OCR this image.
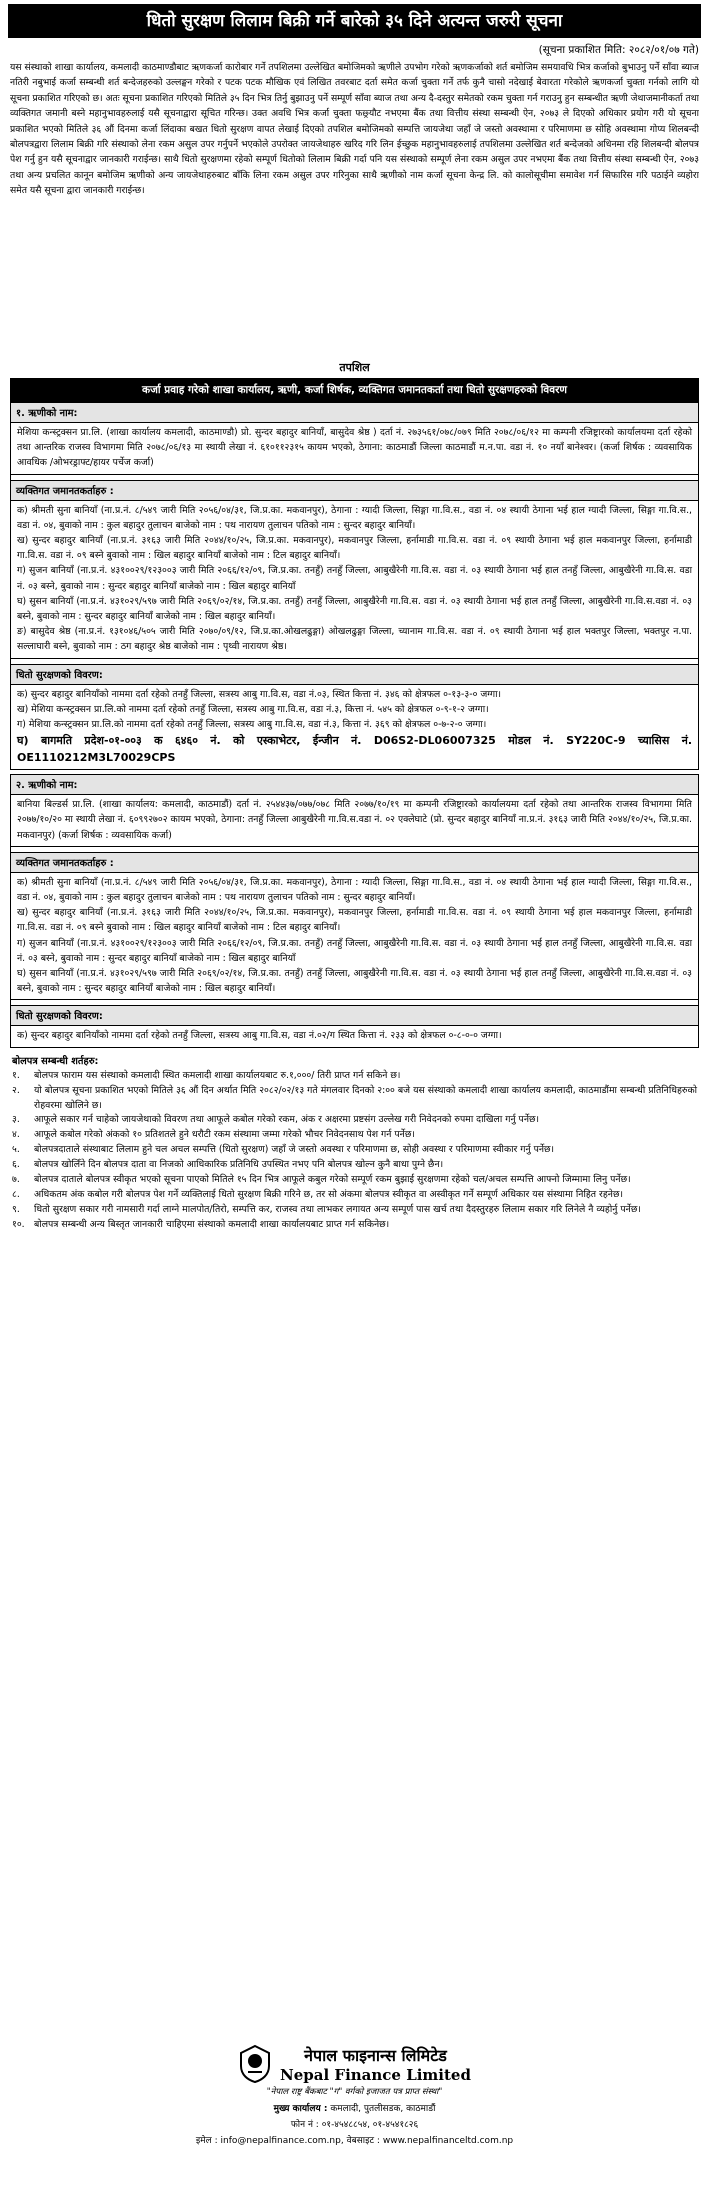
धितो सुरक्षण लिलाम बिक्री गर्ने बारेको ३५ दिने अत्यन्त जरुरी सूचना
(सूचना प्रकाशित मिति: २०८२/०१/०७ गते)
यस संस्थाको शाखा कार्यालय, कमलादी काठमाण्डौबाट ऋणकर्जा कारोबार गर्ने तपशिलमा उल्लेखित बमोजिमको ऋणीले उपभोग गरेको ऋणकर्जाको शर्त बमोजिम समयावधि भित्र कर्जाको बुभाउनु पर्ने साँवा ब्याज नतिरी नबुभाई कर्जा सम्बन्धी शर्त बन्देजहरुको उल्लङ्घन गरेको र पटक पटक मौखिक एवं लिखित तवरबाट दर्ता समेत कर्जा चुक्ता गर्ने तर्फ कुनै चासो नदेखाई बेवारता गरेकोले ऋणकर्जा चुक्ता गर्नको लागि यो सूचना प्रकाशित गरिएको छ। अतः सूचना प्रकाशित गरिएको मितिले ३५ दिन भित्र तिर्नु बुझाउनु पर्ने सम्पूर्ण साँवा ब्याज तथा अन्य दै-दस्तुर समेतको रकम चुक्ता गर्न गराउनु हुन सम्बन्धीत ऋणी जेथाजमानीकर्ता तथा व्यक्तिगत जमानी बस्ने महानुभावहरुलाई यसै सूचनाद्वारा सूचित गरिन्छ। उक्त अवधि भित्र कर्जा चुक्ता फछ्र्यौट नभएमा बैंक तथा वित्तीय संस्था सम्बन्धी ऐन, २०७३ ले दिएको अधिकार प्रयोग गरी यो सूचना प्रकाशित भएको मितिले ३६ औं दिनमा कर्जा लिंदाका बखत धितो सुरक्षण वापत लेखाई दिएको तपशिल बमोजिमको सम्पत्ति जायजेथा जहाँ जे जस्तो अवस्थामा र परिमाणमा छ सोहि अवस्थामा गोप्य शिलबन्दी बोलपत्रद्वारा लिलाम बिक्री गरि संस्थाको लेना रकम असुल उपर गर्नुपर्ने भएकोले उपरोक्त जायजेथाहरु खरिद गरि लिन ईच्छुक महानुभावहरुलाई तपशिलमा उल्लेखित शर्त बन्देजको अधिनमा रहि शिलबन्दी बोलपत्र पेश गर्नु हुन यसै सूचनाद्वार जानकारी गराईन्छ। साथै धितो सुरक्षणमा रहेको सम्पूर्ण धितोको लिलाम बिक्री गर्दा पनि यस संस्थाको सम्पूर्ण लेना रकम असुल उपर नभएमा बैंक तथा वित्तीय संस्था सम्बन्धी ऐन, २०७३ तथा अन्य प्रचलित कानून बमोजिम ऋणीको अन्य जायजेथाहरुबाट बाँकि लिना रकम असुल उपर गरिनुका साथै ऋणीको नाम कर्जा सूचना केन्द्र लि. को कालोसूचीमा समावेश गर्न सिफारिस गरि पठाईने व्यहोरा समेत यसै सूचना द्वारा जानकारी गराईन्छ।
तपशिल
कर्जा प्रवाह गरेको शाखा कार्यालय, ऋणी, कर्जा शिर्षक, व्यक्तिगत जमानतकर्ता तथा धितो सुरक्षणहरुको विवरण
१. ऋणीको नाम:
मेशिया कन्स्ट्रक्सन प्रा.लि. (शाखा कार्यालय कमलादी, काठमाण्डौ) प्रो. सुन्दर बहादुर बानियाँ, बासुदेव श्रेष्ठ ) दर्ता नं. २७३५६१/०७८/०७९ मिति २०७८/०६/१२ मा कम्पनी रजिष्ट्रारको कार्यालयमा दर्ता रहेको तथा आन्तरिक राजस्व विभागमा मिति २०७८/०६/१३ मा स्थायी लेखा नं. ६१०११२३१५ कायम भएको, ठेगाना: काठमाडौं जिल्ला काठमाडौं म.न.पा. वडा नं. १० नयाँ बानेश्वर। (कर्जा शिर्षक : व्यवसायिक आवधिक /ओभरड्राफ्ट/हायर पर्चेज कर्जा)
व्यक्तिगत जमानतकर्ताहरु :
क) श्रीमती सुना बानियाँ (ना.प्र.नं. ८/५४९ जारी मिति २०५६/०४/३१, जि.प्र.का. मकवानपुर), ठेगाना : ग्यादी जिल्ला, सिङ्गा गा.वि.स., वडा नं. ०४ स्थायी ठेगाना भई हाल ग्यादी जिल्ला, सिङ्गा गा.वि.स., वडा नं. ०४, बुवाको नाम : कुल बहादुर तुलाचन बाजेको नाम : पथ नारायण तुलाचन पतिको नाम : सुन्दर बहादुर बानियाँ।
ख) सुन्दर बहादुर बानियाँ (ना.प्र.नं. ३१६३ जारी मिति २०४४/१०/२५, जि.प्र.का. मकवानपुर), मकवानपुर जिल्ला, हर्नामाडी गा.वि.स. वडा नं. ०९ स्थायी ठेगाना भई हाल मकवानपुर जिल्ला, हर्नामाडी गा.वि.स. वडा नं. ०९ बस्ने बुवाको नाम : खिल बहादुर बानियाँ बाजेको नाम : टिल बहादुर बानियाँ।
ग) सुजन बानियाँ (ना.प्र.नं. ४३१००२९/१२३००३ जारी मिति २०६६/१२/०९, जि.प्र.का. तनहुँ) तनहुँ जिल्ला, आबुखैरेनी गा.वि.स. वडा नं. ०३ स्थायी ठेगाना भई हाल तनहुँ जिल्ला, आबुखैरेनी गा.वि.स. वडा नं. ०३ बस्ने, बुवाको नाम : सुन्दर बहादुर बानियाँ बाजेको नाम : खिल बहादुर बानियाँ
घ) सुसन बानियाँ (ना.प्र.नं. ४३१०२९/५९७ जारी मिति २०६९/०२/१४, जि.प्र.का. तनहुँ) तनहुँ जिल्ला, आबुखैरेनी गा.वि.स. वडा नं. ०३ स्थायी ठेगाना भई हाल तनहुँ जिल्ला, आबुखैरेनी गा.वि.स.वडा नं. ०३ बस्ने, बुवाको नाम : सुन्दर बहादुर बानियाँ बाजेको नाम : खिल बहादुर बानियाँ।
ङ) बासुदेव श्रेष्ठ (ना.प्र.नं. १३१०४६/५०५ जारी मिति २०७०/०९/१२, जि.प्र.का.ओखलढुङ्गा) ओखलढुङ्गा जिल्ला, च्यानाम गा.वि.स. वडा नं. ०९ स्थायी ठेगाना भई हाल भक्तपुर जिल्ला, भक्तपुर न.पा. सल्लाघारी बस्ने, बुवाको नाम : ठग बहादुर श्रेष्ठ बाजेको नाम : पृथ्वी नारायण श्रेष्ठ।
धितो सुरक्षणको विवरण:
क) सुन्दर बहादुर बानियाँको नाममा दर्ता रहेको तनहुँ जिल्ला, सत्रस्य आबु गा.वि.स, वडा नं.०३, स्थित कित्ता नं. ३४६ को क्षेत्रफल ०-१३-३-० जग्गा।
ख) मेशिया कन्स्ट्रक्सन प्रा.लि.को नाममा दर्ता रहेको तनहुँ जिल्ला, सत्रस्य आबु गा.वि.स, वडा नं.३, कित्ता नं. ५४५ को क्षेत्रफल ०-९-१-२ जग्गा।
ग) मेशिया कन्स्ट्रक्सन प्रा.लि.को नाममा दर्ता रहेको तनहुँ जिल्ला, सत्रस्य आबु गा.वि.स, वडा नं.३, कित्ता नं. ३६९ को क्षेत्रफल ०-७-२-० जग्गा।
घ) बागमति प्रदेश-०१-००३ क ६४६० नं. को एस्काभेटर, ईन्जीन नं. D06S2-DL06007325 मोडल नं. SY220C-9 च्यासिस नं. OE1110212M3L70029CPS
२. ऋणीको नाम:
बानिया बिल्डर्स प्रा.लि. (शाखा कार्यालय: कमलादी, काठमाडौं) दर्ता नं. २५४४३७/०७७/०७८ मिति २०७७/१०/१९ मा कम्पनी रजिष्ट्रारको कार्यालयमा दर्ता रहेको तथा आन्तरिक राजस्व विभागमा मिति २०७७/१०/२० मा स्थायी लेखा नं. ६०९९२७०२ कायम भएको, ठेगाना: तनहुँ जिल्ला आबुखैरेनी गा.वि.स.वडा नं. ०२ एक्लेघाटे (प्रो. सुन्दर बहादुर बानियाँ ना.प्र.नं. ३१६३ जारी मिति २०४४/१०/२५, जि.प्र.का. मकवानपुर) (कर्जा शिर्षक : व्यवसायिक कर्जा)
व्यक्तिगत जमानतकर्ताहरु :
क) श्रीमती सुना बानियाँ (ना.प्र.नं. ८/५४९ जारी मिति २०५६/०४/३१, जि.प्र.का. मकवानपुर), ठेगाना : ग्यादी जिल्ला, सिङ्गा गा.वि.स., वडा नं. ०४ स्थायी ठेगाना भई हाल ग्यादी जिल्ला, सिङ्गा गा.वि.स., वडा नं. ०४, बुवाको नाम : कुल बहादुर तुलाचन बाजेको नाम : पथ नारायण तुलाचन पतिको नाम : सुन्दर बहादुर बानियाँ।
ख) सुन्दर बहादुर बानियाँ (ना.प्र.नं. ३१६३ जारी मिति २०४४/१०/२५, जि.प्र.का. मकवानपुर), मकवानपुर जिल्ला, हर्नामाडी गा.वि.स. वडा नं. ०९ स्थायी ठेगाना भई हाल मकवानपुर जिल्ला, हर्नामाडी गा.वि.स. वडा नं. ०९ बस्ने बुवाको नाम : खिल बहादुर बानियाँ बाजेको नाम : टिल बहादुर बानियाँ।
ग) सुजन बानियाँ (ना.प्र.नं. ४३१००२९/१२३००३ जारी मिति २०६६/१२/०९, जि.प्र.का. तनहुँ) तनहुँ जिल्ला, आबुखैरेनी गा.वि.स. वडा नं. ०३ स्थायी ठेगाना भई हाल तनहुँ जिल्ला, आबुखैरेनी गा.वि.स. वडा नं. ०३ बस्ने, बुवाको नाम : सुन्दर बहादुर बानियाँ बाजेको नाम : खिल बहादुर बानियाँ
घ) सुसन बानियाँ (ना.प्र.नं. ४३१०२९/५९७ जारी मिति २०६९/०२/१४, जि.प्र.का. तनहुँ) तनहुँ जिल्ला, आबुखैरेनी गा.वि.स. वडा नं. ०३ स्थायी ठेगाना भई हाल तनहुँ जिल्ला, आबुखैरेनी गा.वि.स.वडा नं. ०३ बस्ने, बुवाको नाम : सुन्दर बहादुर बानियाँ बाजेको नाम : खिल बहादुर बानियाँ।
धितो सुरक्षणको विवरण:
क) सुन्दर बहादुर बानियाँको नाममा दर्ता रहेको तनहुँ जिल्ला, सत्रस्य आबु गा.वि.स, वडा नं.०२/ग स्थित कित्ता नं. २३३ को क्षेत्रफल ०-८-०-० जग्गा।
बोलपत्र सम्बन्धी शर्तहरु:
१.	बोलपत्र फाराम यस संस्थाको कमलादी स्थित कमलादी शाखा कार्यालयबाट रु.१,०००/ तिरी प्राप्त गर्न सकिने छ।
२.	यो बोलपत्र सूचना प्रकाशित भएको मितिले ३६ औं दिन अर्थात मिति २०८२/०२/१३ गते मंगलवार दिनको २:०० बजे यस संस्थाको कमलादी शाखा कार्यालय कमलादी, काठमाडौंमा सम्बन्धी प्रतिनिधिहरुको रोहवरमा खोलिने छ।
३.	आफूले सकार गर्न चाहेको जायजेथाको विवरण तथा आफूले कबोल गरेको रकम, अंक र अक्षरमा प्रष्टसंग उल्लेख गरी निवेदनको रुपमा दाखिला गर्नु पर्नेछ।
४.	आफूले कबोल गरेको अंकको १० प्रतिशतले हुने धरौटी रकम संस्थामा जम्मा गरेको भौचर निवेदनसाथ पेश गर्न पर्नेछ।
५.	बोलपत्रदाताले संस्थाबाट लिलाम हुने चल अचल सम्पत्ति (धितो सुरक्षण) जहाँ जे जस्तो अवस्था र परिमाणमा छ, सोही अवस्था र परिमाणमा स्वीकार गर्नु पर्नेछ।
६.	बोलपत्र खोलिँने दिन बोलपत्र दाता वा निजको आधिकारिक प्रतिनिधि उपस्थित नभए पनि बोलपत्र खोल्न कुनै बाधा पुग्ने छैन।
७.	बोलपत्र दाताले बोलपत्र स्वीकृत भएको सूचना पाएको मितिले १५ दिन भित्र आफूले कबुल गरेको सम्पूर्ण रकम बुझाई सुरक्षणमा रहेको चल/अचल सम्पत्ति आफ्नो जिम्मामा लिनु पर्नेछ।
८.	अधिकतम अंक कबोल गरी बोलपत्र पेश गर्ने व्यक्तिलाई धितो सुरक्षण बिक्री गरिने छ, तर सो अंकमा बोलपत्र स्वीकृत वा अस्वीकृत गर्ने सम्पूर्ण अधिकार यस संस्थामा निहित रहनेछ।
९.	धितो सुरक्षण सकार गरी नामसारी गर्दा लाग्ने मालपोत/तिरो, सम्पत्ति कर, राजस्व तथा लाभकर लगायत अन्य सम्पूर्ण पास खर्च तथा दैदस्तुरहरु लिलाम सकार गरि लिनेले नै व्यहोर्नु पर्नेछ।
१०.	बोलपत्र सम्बन्धी अन्य बिस्तृत जानकारी चाहिएमा संस्थाको कमलादी शाखा कार्यालयबाट प्राप्त गर्न सकिनेछ।
नेपाल फाइनान्स लिमिटेड
Nepal Finance Limited
"नेपाल राष्ट्र बैंकबाट "ग" वर्गको इजाजत पत्र प्राप्त संस्था"
मुख्य कार्यालय : कमलादी, पुतलीसडक, काठमाडौं
फोन नं : ०१-४५४८८५४, ०१-४५४१८२६
इमेल : info@nepalfinance.com.np, वेबसाइट : www.nepalfinanceltd.com.np
